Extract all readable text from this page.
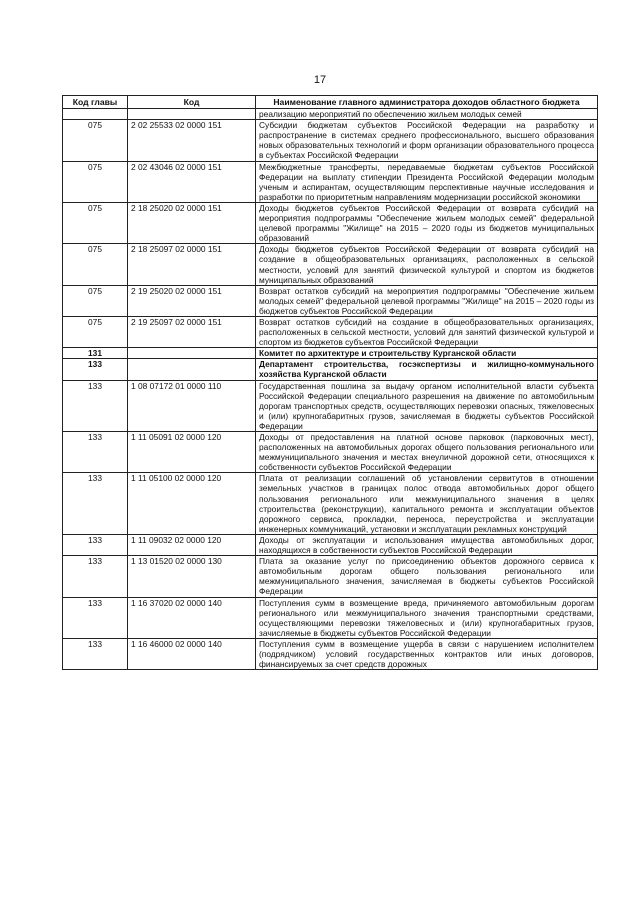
17
Код главы	Код	Наименование главного администратора доходов областного бюджета
		реализацию мероприятий по обеспечению жильем молодых семей
075	2 02 25533 02 0000 151	Субсидии бюджетам субъектов Российской Федерации на разработку и распространение в системах среднего профессионального, высшего образования новых образовательных технологий и форм организации образовательного процесса в субъектах Российской Федерации
075	2 02 43046 02 0000 151	Межбюджетные трансферты, передаваемые бюджетам субъектов Российской Федерации на выплату стипендии Президента Российской Федерации молодым ученым и аспирантам, осуществляющим перспективные научные исследования и разработки по приоритетным направлениям модернизации российской экономики
075	2 18 25020 02 0000 151	Доходы бюджетов субъектов Российской Федерации от возврата субсидий на мероприятия подпрограммы "Обеспечение жильем молодых семей" федеральной целевой программы "Жилище" на 2015 – 2020 годы из бюджетов муниципальных образований
075	2 18 25097 02 0000 151	Доходы бюджетов субъектов Российской Федерации от возврата субсидий на создание в общеобразовательных организациях, расположенных в сельской местности, условий для занятий физической культурой и спортом из бюджетов муниципальных образований
075	2 19 25020 02 0000 151	Возврат остатков субсидий на мероприятия подпрограммы "Обеспечение жильем молодых семей" федеральной целевой программы "Жилище" на 2015 – 2020 годы из бюджетов субъектов Российской Федерации
075	2 19 25097 02 0000 151	Возврат остатков субсидий на создание в общеобразовательных организациях, расположенных в сельской местности, условий для занятий физической культурой и спортом из бюджетов субъектов Российской Федерации
131		Комитет по архитектуре и строительству Курганской области
133		Департамент строительства, госэкспертизы и жилищно-коммунального хозяйства Курганской области
133	1 08 07172 01 0000 110	Государственная пошлина за выдачу органом исполнительной власти субъекта Российской Федерации специального разрешения на движение по автомобильным дорогам транспортных средств, осуществляющих перевозки опасных, тяжеловесных и (или) крупногабаритных грузов, зачисляемая в бюджеты субъектов Российской Федерации
133	1 11 05091 02 0000 120	Доходы от предоставления на платной основе парковок (парковочных мест), расположенных на автомобильных дорогах общего пользования регионального или межмуниципального значения и местах внеуличной дорожной сети, относящихся к собственности субъектов Российской Федерации
133	1 11 05100 02 0000 120	Плата от реализации соглашений об установлении сервитутов в отношении земельных участков в границах полос отвода автомобильных дорог общего пользования регионального или межмуниципального значения в целях строительства (реконструкции), капитального ремонта и эксплуатации объектов дорожного сервиса, прокладки, переноса, переустройства и эксплуатации инженерных коммуникаций, установки и эксплуатации рекламных конструкций
133	1 11 09032 02 0000 120	Доходы от эксплуатации и использования имущества автомобильных дорог, находящихся в собственности субъектов Российской Федерации
133	1 13 01520 02 0000 130	Плата за оказание услуг по присоединению объектов дорожного сервиса к автомобильным дорогам общего пользования регионального или межмуниципального значения, зачисляемая в бюджеты субъектов Российской Федерации
133	1 16 37020 02 0000 140	Поступления сумм в возмещение вреда, причиняемого автомобильным дорогам регионального или межмуниципального значения транспортными средствами, осуществляющими перевозки тяжеловесных и (или) крупногабаритных грузов, зачисляемые в бюджеты субъектов Российской Федерации
133	1 16 46000 02 0000 140	Поступления сумм в возмещение ущерба в связи с нарушением исполнителем (подрядчиком) условий государственных контрактов или иных договоров, финансируемых за счет средств дорожных
